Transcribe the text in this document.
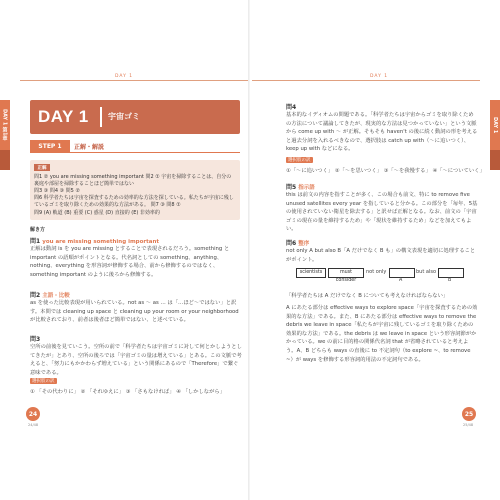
DAY 1
DAY 1 第1章 DAY 1 宇宙ゴミ
STEP 1	正解・解説
正解
問1 ② you are missing something important 問2 ① 宇宙を掃除することは、自分の裏庭や部屋を掃除することほど簡単ではない
問3 ③ 問4 ③ 問5 ②
問6 科学者たちは宇宙を探査するための効率的な方法を探している。私たちが宇宙に残しているゴミを取り除くための効果的な方法がある。 問7 ③ 問8 ①
問9 (A) 軌道 (B) 重要 (C) 惑星 (D) 直接的 (E) 非効率的
解き方
問1 you are missing something important
正解は動詞 is を you are missing とすることで表現されるだろう。something と important の語順がポイントとなる。代名詞としての something、anything、nothing、everything を形容詞が修飾する場合、前から修飾するのではなく、something important のように後ろから修飾する。
問2 主語・比較
as を使った比較表現が用いられている。not as ～ as … は「…ほど～ではない」と訳す。本問では cleaning up space と cleaning up your room or your neighborhood が比較されており、前者は後者ほど簡単ではない、と述べている。
問3
空所の前後を見ていこう。空所の前で「科学者たちは宇宙ゴミに対して何とかしようとしてきたが」とあり、空所の後ろでは「宇宙ゴミの量は増えている」とある。この文脈で考えると、「努力にもかかわらず増えている」という関係にあるので「Therefore」で繋ぐ意味である。
選択肢の訳
① 「その代わりに」 ② 「それゆえに」 ③ 「さもなければ」 ④ 「しかしながら」
24
24/48
DAY 1
DAY 1
問4
基本的なイディオムの問題である。「科学者たちは宇宙からゴミを取り除くための方法について議論してきたが、現実的な方法は見つかっていない」という文脈から come up with ～ が正解。そもそも haven't の後に続く動詞の形を考えると過去分詞を入れるべきなので、選択肢は catch up with（～に追いつく）、keep up with などになる。
選択肢の訳
①「～に追いつく」 ②「～を思いつく」 ③「～を我慢する」 ④「～についていく」
問5 指示語
this は前文の内容を指すことが多く、この場合も前文、特に to remove five unused satellites every year を指していると分かる。この部分を「毎年、5基の使用されていない衛星を除去する」と訳せば正解となる。なお、前文の「宇宙ゴミの現在の量を維持するため」や「現状を維持するため」などを加えてもよい。
問6 整序
not only A but also B「A だけでなく B も」の構文表現を適切に処理することがポイント。
scientists	must consider
not only	but also
A	B
「科学者たちは A だけでなく B についても考えなければならない」
A にあたる部分は effective ways to explore space「宇宙を探査するための効果的な方法」である。また、B にあたる部分は effective ways to remove the debris we leave in space「私たちが宇宙に残しているゴミを取り除くための効果的な方法」である。the debris は we leave in space という形容詞節がかかっている。we の前に目的格の関係代名詞 that が省略されていると考えよう。A、B どちらも ways の直後に to 不定詞句（to explore ~、to remove ~）が ways を修飾する形容詞的用法の不定詞句である。
25
25/48
